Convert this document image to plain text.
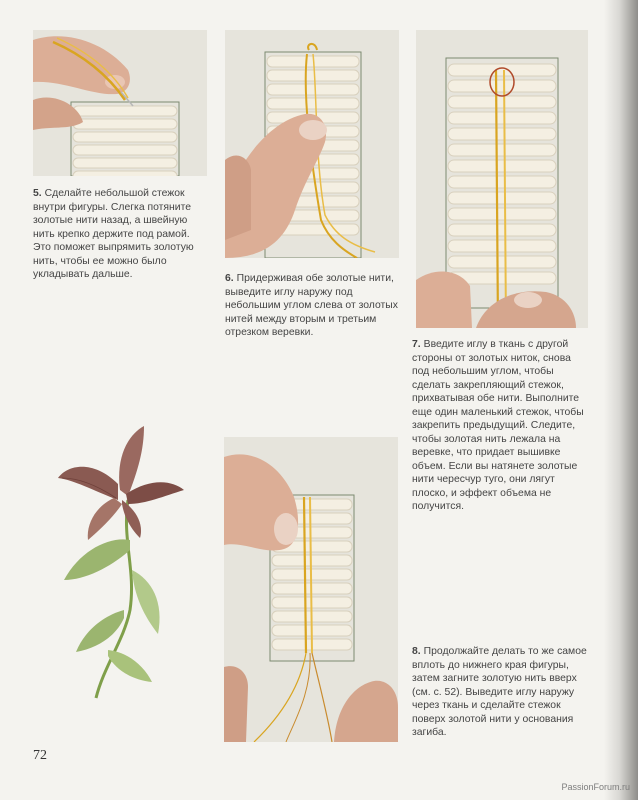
5. Сделайте небольшой стежок внутри фигуры. Слегка потяните золотые нити назад, а швейную нить крепко держите под рамой. Это поможет выпрямить золотую нить, чтобы ее можно было укладывать дальше.	6. Придерживая обе золотые нити, выведите иглу наружу под небольшим углом слева от золотых нитей между вторым и третьим отрезком веревки.

7. Введите иглу в ткань с другой стороны от золотых ниток, снова под небольшим углом, чтобы сделать закрепляющий стежок, прихватывая обе нити. Выполните еще один маленький стежок, чтобы закрепить предыдущий. Следите, чтобы золотая нить лежала на веревке, что придает вышивке объем. Если вы натянете золотые нити чересчур туго, они лягут плоско, и эффект объема не получится.

8. Продолжайте делать то же самое вплоть до нижнего края фигуры, затем загните золотую нить вверх (см. с. 52). Выведите иглу наружу через ткань и сделайте стежок поверх золотой нити у основания загиба.

72
PassionForum.ru
